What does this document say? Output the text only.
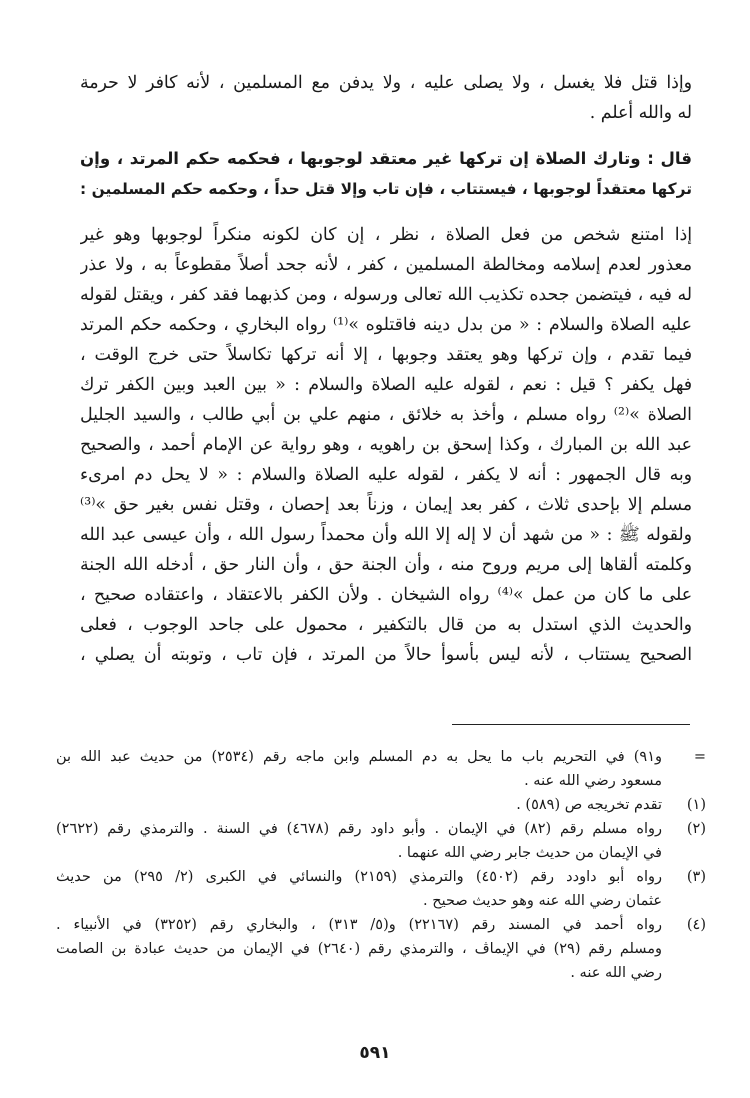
وإذا قتل فلا يغسل ، ولا يصلى عليه ، ولا يدفن مع المسلمين ، لأنه كافر لا حرمة
له والله أعلم .
قال : وتارك الصلاة إن تركها غير معتقد لوجوبها ، فحكمه حكم المرتد ، وإن
تركها معتقداً لوجوبها ، فيستتاب ، فإن تاب وإلا قتل حداً ، وحكمه حكم المسلمين :
إذا امتنع شخص من فعل الصلاة ، نظر ، إن كان لكونه منكراً لوجوبها وهو غير
معذور لعدم إسلامه ومخالطة المسلمين ، كفر ، لأنه جحد أصلاً مقطوعاً به ، ولا عذر
له فيه ، فيتضمن جحده تكذيب الله تعالى ورسوله ، ومن كذبهما فقد كفر ، ويقتل لقوله
عليه الصلاة والسلام : « من بدل دينه فاقتلوه »⁽¹⁾ رواه البخاري ، وحكمه حكم المرتد
فيما تقدم ، وإن تركها وهو يعتقد وجوبها ، إلا أنه تركها تكاسلاً حتى خرج الوقت ،
فهل يكفر ؟ قيل : نعم ، لقوله عليه الصلاة والسلام : « بين العبد وبين الكفر ترك
الصلاة »⁽²⁾ رواه مسلم ، وأخذ به خلائق ، منهم علي بن أبي طالب ، والسيد الجليل
عبد الله بن المبارك ، وكذا إسحق بن راهويه ، وهو رواية عن الإمام أحمد ، والصحيح
وبه قال الجمهور : أنه لا يكفر ، لقوله عليه الصلاة والسلام : « لا يحل دم امرىء
مسلم إلا بإحدى ثلاث ، كفر بعد إيمان ، وزناً بعد إحصان ، وقتل نفس بغير حق »⁽³⁾
ولقوله ﷺ : « من شهد أن لا إله إلا الله وأن محمداً رسول الله ، وأن عيسى عبد الله
وكلمته ألقاها إلى مريم وروح منه ، وأن الجنة حق ، وأن النار حق ، أدخله الله الجنة
على ما كان من عمل »⁽⁴⁾ رواه الشيخان . ولأن الكفر بالاعتقاد ، واعتقاده صحيح ،
والحديث الذي استدل به من قال بالتكفير ، محمول على جاحد الوجوب ، فعلى
الصحيح يستتاب ، لأنه ليس بأسوأ حالاً من المرتد ، فإن تاب ، وتوبته أن يصلي ،
=
و٩١) في التحريم باب ما يحل به دم المسلم وابن ماجه رقم (٢٥٣٤) من حديث عبد الله بن
مسعود رضي الله عنه .
(١)
تقدم تخريجه ص (٥٨٩) .
(٢)
رواه مسلم رقم (٨٢) في الإيمان . وأبو داود رقم (٤٦٧٨) في السنة . والترمذي رقم (٢٦٢٢)
في الإيمان من حديث جابر رضي الله عنهما .
(٣)
رواه أبو داودد رقم (٤٥٠٢) والترمذي (٢١٥٩) والنسائي في الكبرى (٢/ ٢٩٥) من حديث
عثمان رضي الله عنه وهو حديث صحيح .
(٤)
رواه أحمد في المسند رقم (٢٢١٦٧) و(٥/ ٣١٣) ، والبخاري رقم (٣٢٥٢) في الأنبياء .
ومسلم رقم (٢٩) في الإيماڤ ، والترمذي رقم (٢٦٤٠) في الإيمان من حديث عبادة بن الصامت
رضي الله عنه .
٥٩١
